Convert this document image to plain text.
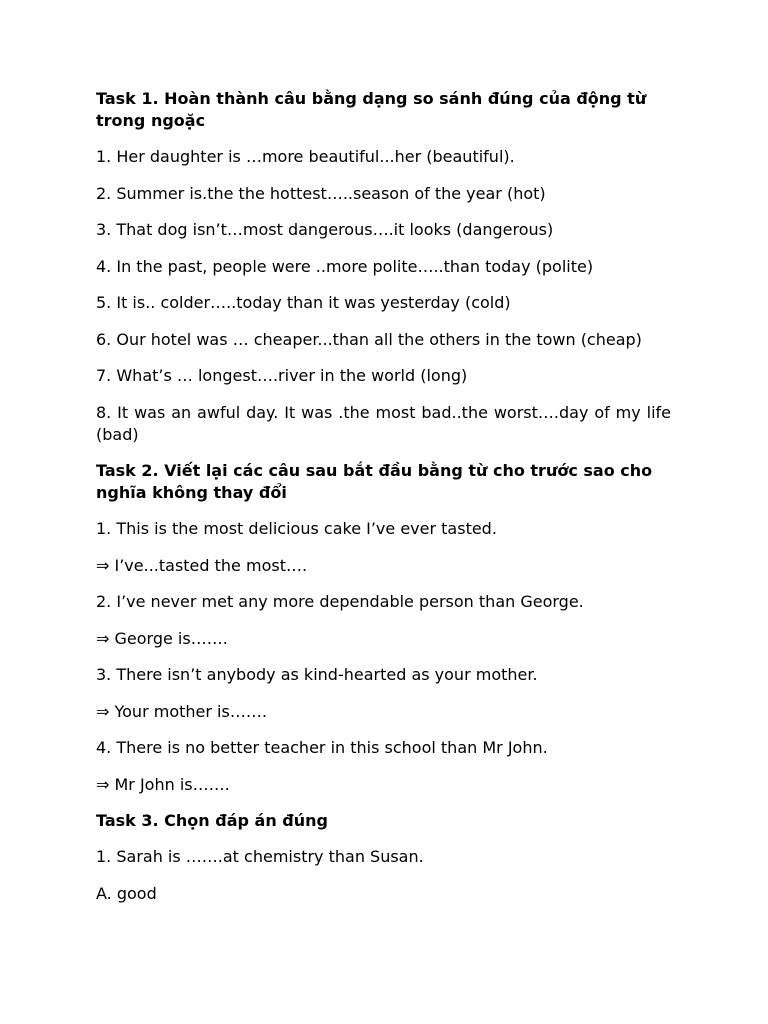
Task 1. Hoàn thành câu bằng dạng so sánh đúng của động từ trong ngoặc
1. Her daughter is …more beautiful...her (beautiful).
2. Summer is.the the hottest…..season of the year (hot)
3. That dog isn’t…most dangerous….it looks (dangerous)
4. In the past, people were ..more polite…..than today (polite)
5. It is.. colder…..today than it was yesterday (cold)
6. Our hotel was … cheaper...than all the others in the town (cheap)
7. What’s … longest….river in the world (long)
8. It was an awful day. It was .the most bad..the worst….day of my life (bad)
Task 2. Viết lại các câu sau bắt đầu bằng từ cho trước sao cho nghĩa không thay đổi
1. This is the most delicious cake I’ve ever tasted.
⇒ I’ve...tasted the most….
2. I’ve never met any more dependable person than George.
⇒ George is…….
3. There isn’t anybody as kind-hearted as your mother.
⇒ Your mother is…….
4. There is no better teacher in this school than Mr John.
⇒ Mr John is…….
Task 3. Chọn đáp án đúng
1. Sarah is …….at chemistry than Susan.
A. good
